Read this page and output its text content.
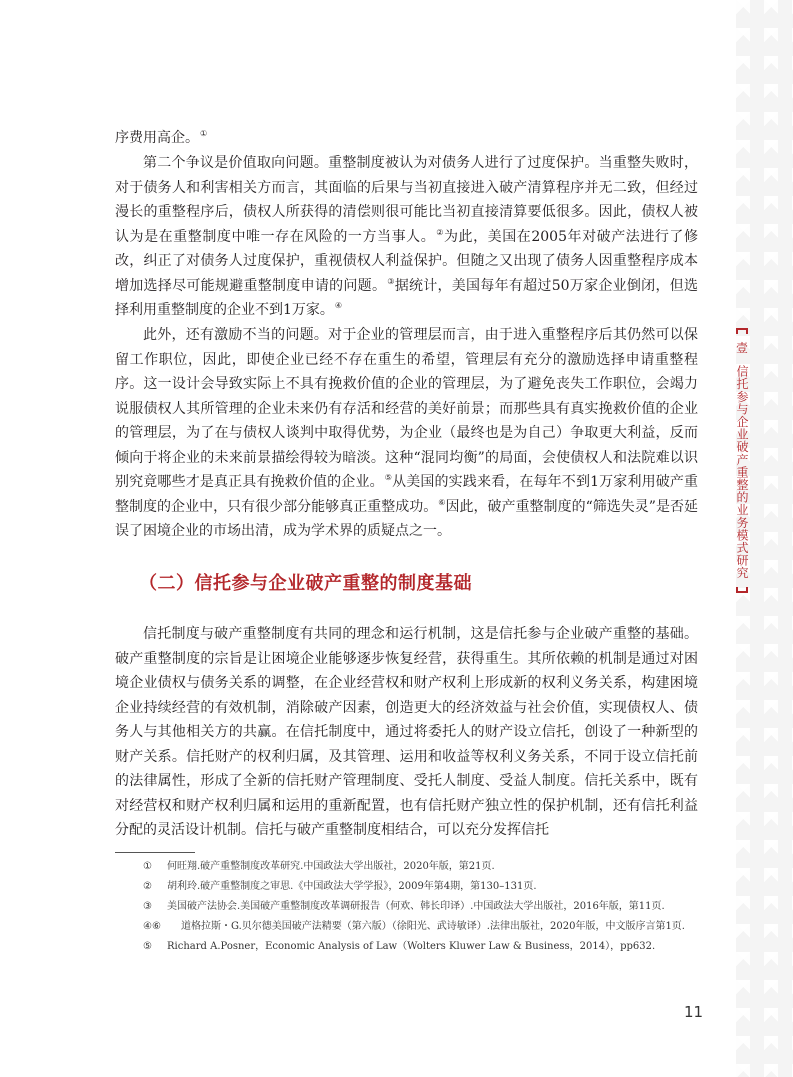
壹
信托参与企业破产重整的业务模式研究

序费用高企。①

第二个争议是价值取向问题。重整制度被认为对债务人进行了过度保护。当重整失败时，对于债务人和利害相关方而言，其面临的后果与当初直接进入破产清算程序并无二致，但经过漫长的重整程序后，债权人所获得的清偿则很可能比当初直接清算要低很多。因此，债权人被认为是在重整制度中唯一存在风险的一方当事人。②为此，美国在2005年对破产法进行了修改，纠正了对债务人过度保护，重视债权人利益保护。但随之又出现了债务人因重整程序成本增加选择尽可能规避重整制度申请的问题。③据统计，美国每年有超过50万家企业倒闭，但选择利用重整制度的企业不到1万家。④

此外，还有激励不当的问题。对于企业的管理层而言，由于进入重整程序后其仍然可以保留工作职位，因此，即使企业已经不存在重生的希望，管理层有充分的激励选择申请重整程序。这一设计会导致实际上不具有挽救价值的企业的管理层，为了避免丧失工作职位，会竭力说服债权人其所管理的企业未来仍有存活和经营的美好前景；而那些具有真实挽救价值的企业的管理层，为了在与债权人谈判中取得优势，为企业（最终也是为自己）争取更大利益，反而倾向于将企业的未来前景描绘得较为暗淡。这种“混同均衡”的局面，会使债权人和法院难以识别究竟哪些才是真正具有挽救价值的企业。⑤从美国的实践来看，在每年不到1万家利用破产重整制度的企业中，只有很少部分能够真正重整成功。⑥因此，破产重整制度的“筛选失灵”是否延误了困境企业的市场出清，成为学术界的质疑点之一。

（二）信托参与企业破产重整的制度基础

信托制度与破产重整制度有共同的理念和运行机制，这是信托参与企业破产重整的基础。破产重整制度的宗旨是让困境企业能够逐步恢复经营，获得重生。其所依赖的机制是通过对困境企业债权与债务关系的调整，在企业经营权和财产权利上形成新的权利义务关系，构建困境企业持续经营的有效机制，消除破产因素，创造更大的经济效益与社会价值，实现债权人、债务人与其他相关方的共赢。在信托制度中，通过将委托人的财产设立信托，创设了一种新型的财产关系。信托财产的权利归属，及其管理、运用和收益等权利义务关系，不同于设立信托前的法律属性，形成了全新的信托财产管理制度、受托人制度、受益人制度。信托关系中，既有对经营权和财产权利归属和运用的重新配置，也有信托财产独立性的保护机制，还有信托利益分配的灵活设计机制。信托与破产重整制度相结合，可以充分发挥信托

① 何旺翔.破产重整制度改革研究.中国政法大学出版社，2020年版，第21页.

② 胡利玲.破产重整制度之审思.《中国政法大学学报》，2009年第4期，第130–131页.

③ 美国破产法协会.美国破产重整制度改革调研报告（何欢、韩长印译）.中国政法大学出版社，2016年版，第11页.

④⑥ 道格拉斯・G.贝尔德美国破产法精要（第六版）（徐阳光、武诗敏译）.法律出版社，2020年版，中文版序言第1页.

⑤ Richard A.Posner，Economic Analysis of Law（Wolters Kluwer Law & Business，2014），pp632.

11
